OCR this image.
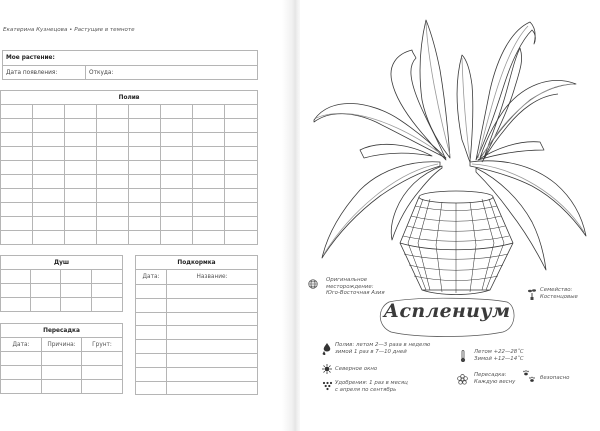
Екатерина Кузнецова • Растущие в темноте
Мое растение:
Дата появления:	Откуда:
Полив							

Душ			

Пересадка		
Дата:	Причина:	Грунт:

Подкормка	
Дата:	Название:

		Оригинальное
месторождение:
Юго-Восточная Азия
Семейство:
Костенцовые
Асплениум
Полив: летом 2—3 раза в неделю
зимой 1 раз в 7—10 дней
Северное окно
Удобрения: 1 раз в месяц
с апреля по сентябрь
Летом +22—28˚С
Зимой +12—14˚С
Пересадка:
Каждую весну
безопасно
